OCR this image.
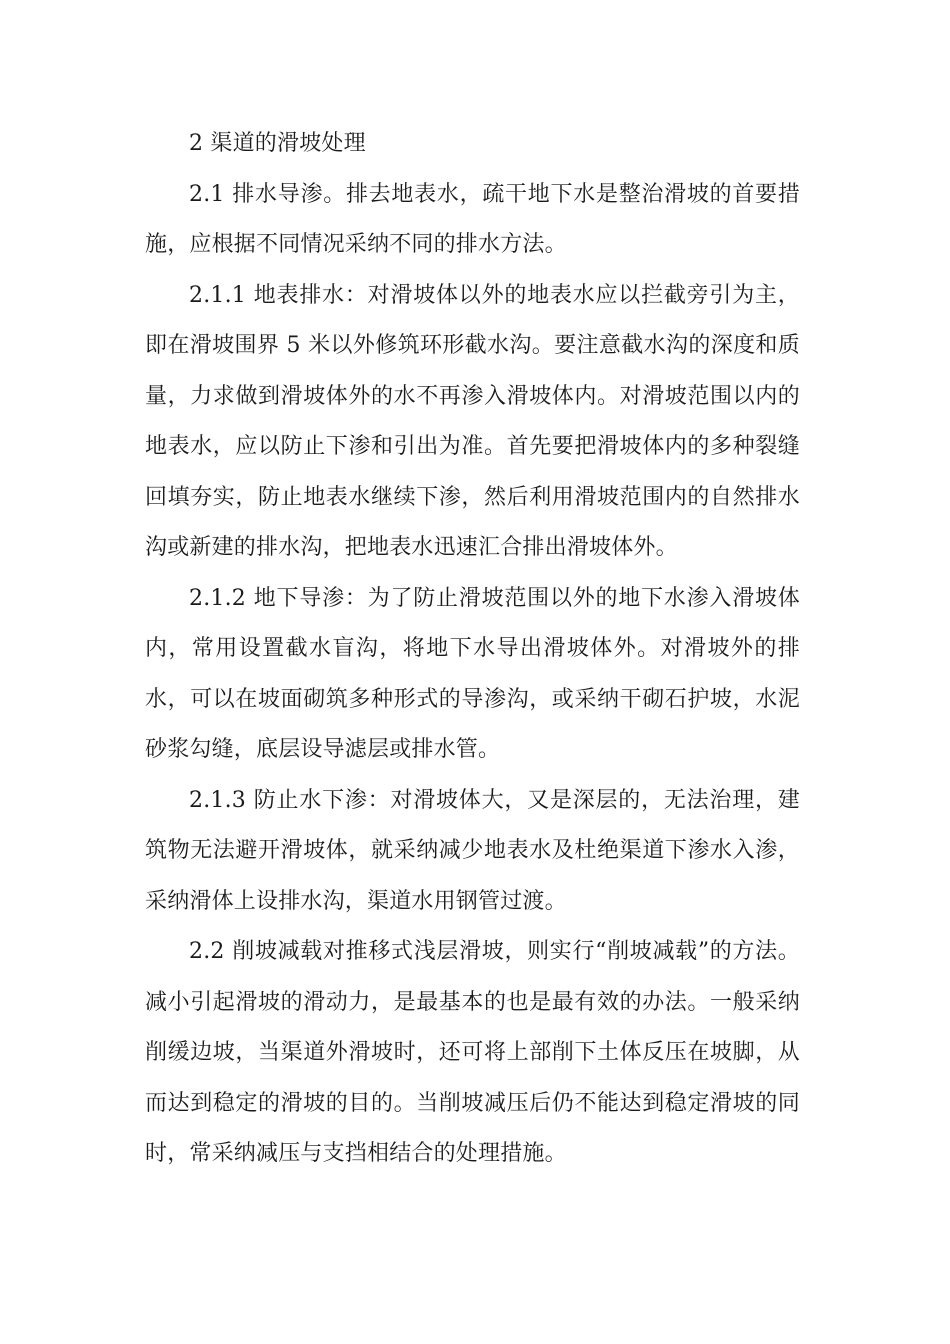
2 渠道的滑坡处理

2.1 排水导渗。排去地表水，疏干地下水是整治滑坡的首要措施，应根据不同情况采纳不同的排水方法。

2.1.1 地表排水：对滑坡体以外的地表水应以拦截旁引为主，即在滑坡围界 5 米以外修筑环形截水沟。要注意截水沟的深度和质量，力求做到滑坡体外的水不再渗入滑坡体内。对滑坡范围以内的地表水，应以防止下渗和引出为准。首先要把滑坡体内的多种裂缝回填夯实，防止地表水继续下渗，然后利用滑坡范围内的自然排水沟或新建的排水沟，把地表水迅速汇合排出滑坡体外。

2.1.2 地下导渗：为了防止滑坡范围以外的地下水渗入滑坡体内，常用设置截水盲沟，将地下水导出滑坡体外。对滑坡外的排水，可以在坡面砌筑多种形式的导渗沟，或采纳干砌石护坡，水泥砂浆勾缝，底层设导滤层或排水管。

2.1.3 防止水下渗：对滑坡体大，又是深层的，无法治理，建筑物无法避开滑坡体，就采纳减少地表水及杜绝渠道下渗水入渗，采纳滑体上设排水沟，渠道水用钢管过渡。

2.2 削坡减载对推移式浅层滑坡，则实行“削坡减载”的方法。减小引起滑坡的滑动力，是最基本的也是最有效的办法。一般采纳削缓边坡，当渠道外滑坡时，还可将上部削下土体反压在坡脚，从而达到稳定的滑坡的目的。当削坡减压后仍不能达到稳定滑坡的同时，常采纳减压与支挡相结合的处理措施。
